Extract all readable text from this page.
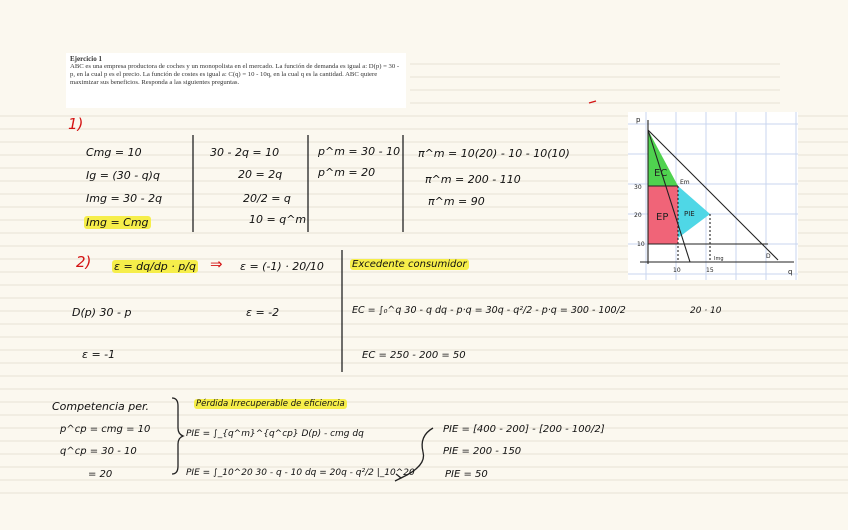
Ejercicio 1
ABC es una empresa productora de coches y un monopolista en el mercado. La función de demanda es igual a: D(p) = 30 - p, en la cual p es el precio. La función de costes es igual a: C(q) = 10 - 10q, en la cual q es la cantidad. ABC quiere maximizar sus beneficios. Responda a las siguientes preguntas.
1)
Cmg = 10
Ig = (30 - q)q
Img = 30 - 2q
Img = Cmg
30 - 2q = 10
20 = 2q
20/2 = q
10 = q^m
p^m = 30 - 10
p^m = 20
π^m = 10(20) - 10 - 10(10)
π^m = 200 - 110
π^m = 90
2) ε = dq/dp · p/q ⇒ ε = (-1) · 20/10
D(p) 30 - p	ε = -2
ε = -1
Excedente consumidor
EC = ∫₀^q 30 - q dq - p·q = 30q - q²/2 - p·q = 300 - 100/2	20 · 10
EC = 250 - 200 = 50
Competencia per.
p^cp = cmg = 10
q^cp = 30 - 10
= 20
Pérdida Irrecuperable de eficiencia
PIE = ∫_{q^m}^{q^cp} D(p) - cmg dq
PIE = ∫_10^20 30 - q - 10 dq = 20q - q²/2 |_10^20
PIE = [400 - 200] - [200 - 100/2]
PIE = 200 - 150
PIE = 50
p
q
30
20
10
10	15
EC
EP PIE
Em
Img	D
